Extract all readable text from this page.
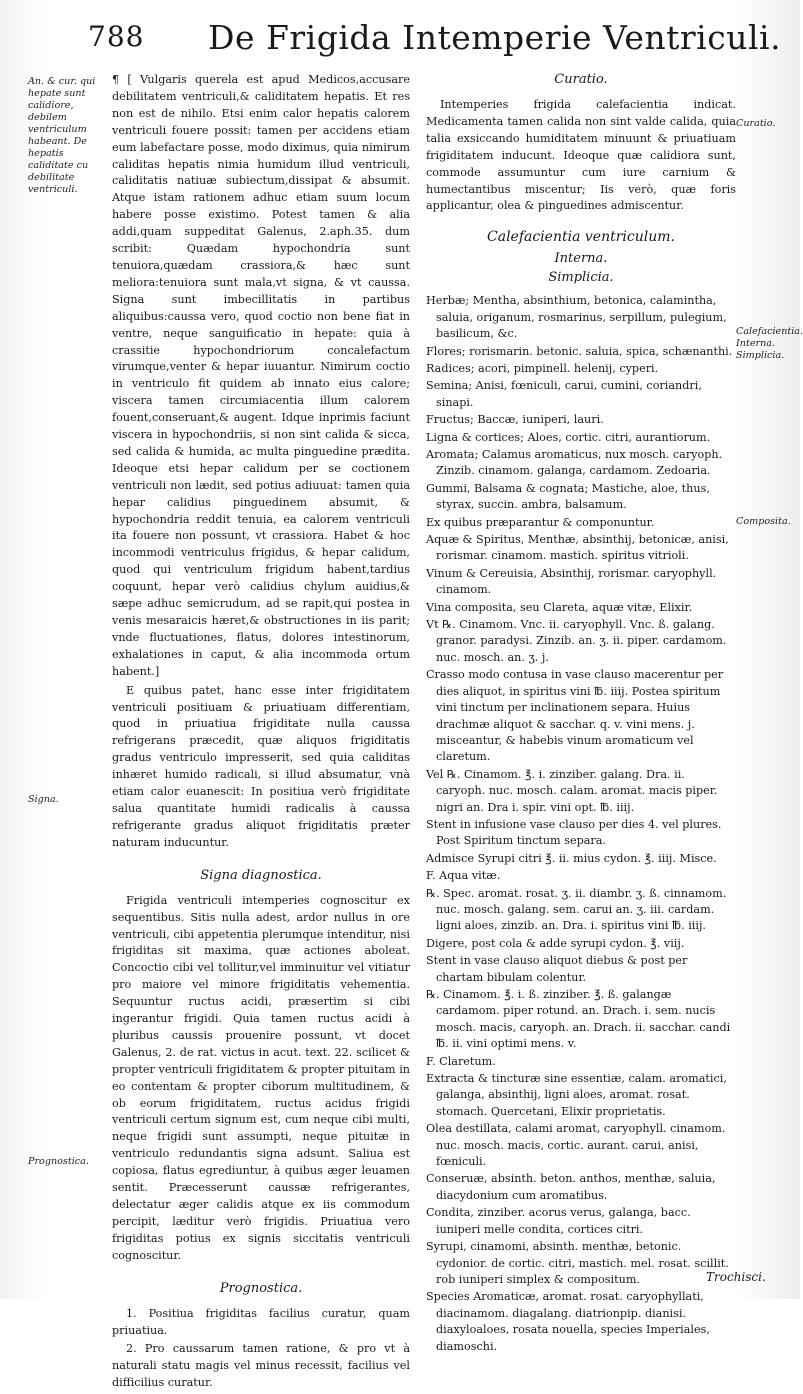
788 De Frigida Intemperie Ventriculi.
An. & cur. qui hepate sunt calidiore, debilem ventriculum habeant. De hepatis caliditate cu debilitate ventriculi.
Signa.
Prognostica.
Curatio.
Calefacientia. Interna. Simplicia.
Composita.

¶ [ Vulgaris querela est apud Medicos,accusare debilitatem ventriculi,& caliditatem hepatis. Et res non est de nihilo. Etsi enim calor hepatis calorem ventriculi fouere possit: tamen per accidens etiam eum labefactare posse, modo diximus, quia nimirum caliditas hepatis nimia humidum illud ventriculi, caliditatis natiuæ subiectum,dissipat & absumit. Atque istam rationem adhuc etiam suum locum habere posse existimo. Potest tamen & alia addi,quam suppeditat Galenus, 2.aph.35. dum scribit: Quædam hypochondria sunt tenuiora,quædam crassiora,& hæc sunt meliora:tenuiora sunt mala,vt signa, & vt caussa. Signa sunt imbecillitatis in partibus aliquibus:caussa vero, quod coctio non bene fiat in ventre, neque sanguificatio in hepate: quia à crassitie hypochondriorum concalefactum virumque,venter & hepar iuuantur. Nimirum coctio in ventriculo fit quidem ab innato eius calore; viscera tamen circumiacentia illum calorem fouent,conseruant,& augent. Idque inprimis faciunt viscera in hypochondriis, si non sint calida & sicca, sed calida & humida, ac multa pinguedine prædita. Ideoque etsi hepar calidum per se coctionem ventriculi non lædit, sed potius adiuuat: tamen quia hepar calidius pinguedinem absumit, & hypochondria reddit tenuia, ea calorem ventriculi ita fouere non possunt, vt crassiora. Habet & hoc incommodi ventriculus frigidus, & hepar calidum, quod qui ventriculum frigidum habent,tardius coquunt, hepar verò calidius chylum auidius,& sæpe adhuc semicrudum, ad se rapit,qui postea in venis mesaraicis hæret,& obstructiones in iis parit; vnde fluctuationes, flatus, dolores intestinorum, exhalationes in caput, & alia incommoda ortum habent.]

E quibus patet, hanc esse inter frigiditatem ventriculi positiuam & priuatiuam differentiam, quod in priuatiua frigiditate nulla caussa refrigerans præcedit, quæ aliquos frigiditatis gradus ventriculo impresserit, sed quia caliditas inhæret humido radicali, si illud absumatur, vnà etiam calor euanescit: In positiua verò frigiditate salua quantitate humidi radicalis à caussa refrigerante gradus aliquot frigiditatis præter naturam inducuntur.

Signa diagnostica.

Frigida ventriculi intemperies cognoscitur ex sequentibus. Sitis nulla adest, ardor nullus in ore ventriculi, cibi appetentia plerumque intenditur, nisi frigiditas sit maxima, quæ actiones aboleat. Concoctio cibi vel tollitur,vel imminuitur vel vitiatur pro maiore vel minore frigiditatis vehementia. Sequuntur ructus acidi, præsertim si cibi ingerantur frigidi. Quia tamen ructus acidi à pluribus caussis prouenire possunt, vt docet Galenus, 2. de rat. victus in acut. text. 22. scilicet & propter ventriculi frigiditatem & propter pituitam in eo contentam & propter ciborum multitudinem, & ob eorum frigiditatem, ructus acidus frigidi ventriculi certum signum est, cum neque cibi multi, neque frigidi sunt assumpti, neque pituitæ in ventriculo redundantis signa adsunt. Saliua est copiosa, flatus egrediuntur, à quibus æger leuamen sentit. Præcesserunt caussæ refrigerantes, delectatur æger calidis atque ex iis commodum percipit, læditur verò frigidis. Priuatiua vero frigiditas potius ex signis siccitatis ventriculi cognoscitur.

Prognostica.

1. Positiua frigiditas facilius curatur, quam priuatiua.

2. Pro caussarum tamen ratione, & pro vt à naturali statu magis vel minus recessit, facilius vel difficilius curatur.

Curatio.

Intemperies frigida calefacientia indicat. Medicamenta tamen calida non sint valde calida, quia talia exsiccando humiditatem minuunt & priuatiuam frigiditatem inducunt. Ideoque quæ calidiora sunt, commode assumuntur cum iure carnium & humectantibus miscentur; Iis verò, quæ foris applicantur, olea & pinguedines admiscentur.

Calefacientia ventriculum.
Interna.
Simplicia.
Herbæ; Mentha, absinthium, betonica, calamintha, saluia, origanum, rosmarinus, serpillum, pulegium, basilicum, &c.
Flores; rorismarin. betonic. saluia, spica, schænanthi.
Radices; acori, pimpinell. helenij, cyperi.
Semina; Anisi, fœniculi, carui, cumini, coriandri, sinapi.
Fructus; Baccæ, iuniperi, lauri.
Ligna & cortices; Aloes, cortic. citri, aurantiorum.
Aromata; Calamus aromaticus, nux mosch. caryoph. Zinzib. cinamom. galanga, cardamom. Zedoaria.
Gummi, Balsama & cognata; Mastiche, aloe, thus, styrax, succin. ambra, balsamum.
Ex quibus præparantur & componuntur.
Aquæ & Spiritus, Menthæ, absinthij, betonicæ, anisi, rorismar. cinamom. mastich. spiritus vitrioli.
Vinum & Cereuisia, Absinthij, rorismar. caryophyll. cinamom.
Vina composita, seu Clareta, aquæ vitæ, Elixir.
Vt ℞. Cinamom. Vnc. ii. caryophyll. Vnc. ß. galang. granor. paradysi. Zinzib. an. ʒ. ii. piper. cardamom. nuc. mosch. an. ʒ. j.
Crasso modo contusa in vase clauso macerentur per dies aliquot, in spiritus vini ℔. iiij. Postea spiritum vini tinctum per inclinationem separa. Huius drachmæ aliquot & sacchar. q. v. vini mens. j. misceantur, & habebis vinum aromaticum vel claretum.
Vel ℞. Cinamom. ℥. i. zinziber. galang. Dra. ii. caryoph. nuc. mosch. calam. aromat. macis piper. nigri an. Dra i. spir. vini opt. ℔. iiij.
Stent in infusione vase clauso per dies 4. vel plures. Post Spiritum tinctum separa.
Admisce Syrupi citri ℥. ii. mius cydon. ℥. iiij. Misce.
F. Aqua vitæ.
℞. Spec. aromat. rosat. ʒ. ii. diambr. ʒ. ß. cinnamom. nuc. mosch. galang. sem. carui an. ʒ. iii. cardam. ligni aloes, zinzib. an. Dra. i. spiritus vini ℔. iiij.
Digere, post cola & adde syrupi cydon. ℥. viij.
Stent in vase clauso aliquot diebus & post per chartam bibulam colentur.
℞. Cinamom. ℥. i. ß. zinziber. ℥. ß. galangæ cardamom. piper rotund. an. Drach. i. sem. nucis mosch. macis, caryoph. an. Drach. ii. sacchar. candi ℔. ii. vini optimi mens. v.
F. Claretum.
Extracta & tincturæ sine essentiæ, calam. aromatici, galanga, absinthij, ligni aloes, aromat. rosat. stomach. Quercetani, Elixir proprietatis.
Olea destillata, calami aromat, caryophyll. cinamom. nuc. mosch. macis, cortic. aurant. carui, anisi, fœniculi.
Conseruæ, absinth. beton. anthos, menthæ, saluia, diacydonium cum aromatibus.
Condita, zinziber. acorus verus, galanga, bacc. iuniperi melle condita, cortices citri.
Syrupi, cinamomi, absinth. menthæ, betonic. cydonior. de cortic. citri, mastich. mel. rosat. scillit. rob iuniperi simplex & compositum.
Species Aromaticæ, aromat. rosat. caryophyllati, diacinamom. diagalang. diatrionpip. dianisi. diaxyloaloes, rosata nouella, species Imperiales, diamoschi.
Trochisci.
